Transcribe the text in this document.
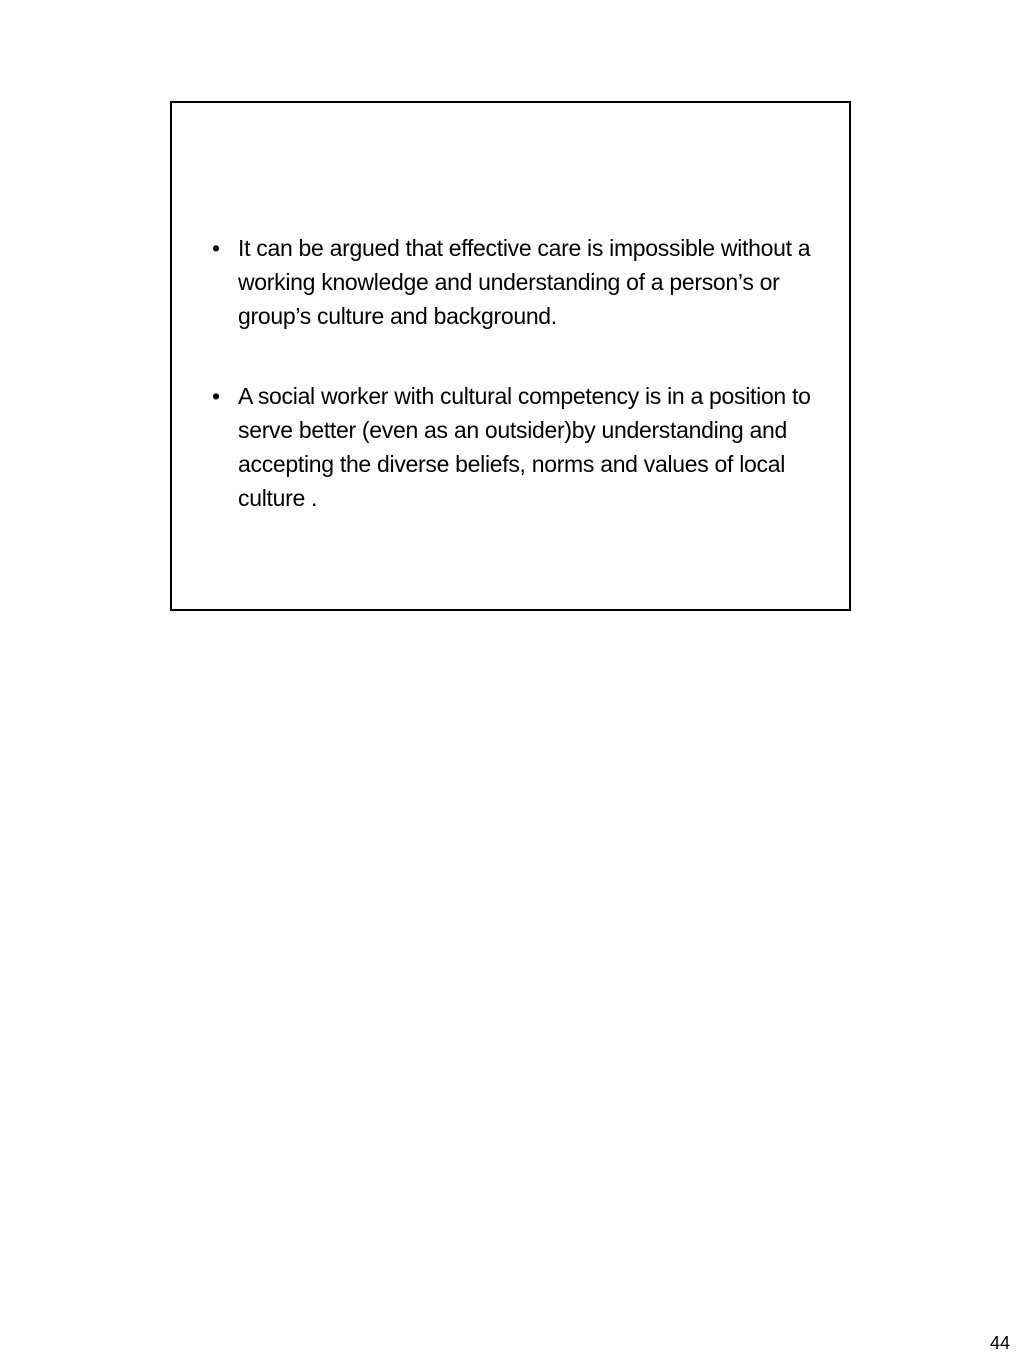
• It can be argued that effective care is impossible without a working knowledge and understanding of a person’s or group’s culture and background.
• A social worker with cultural competency is in a position to serve better (even as an outsider)by understanding and accepting the diverse beliefs, norms and values of local culture .
44
